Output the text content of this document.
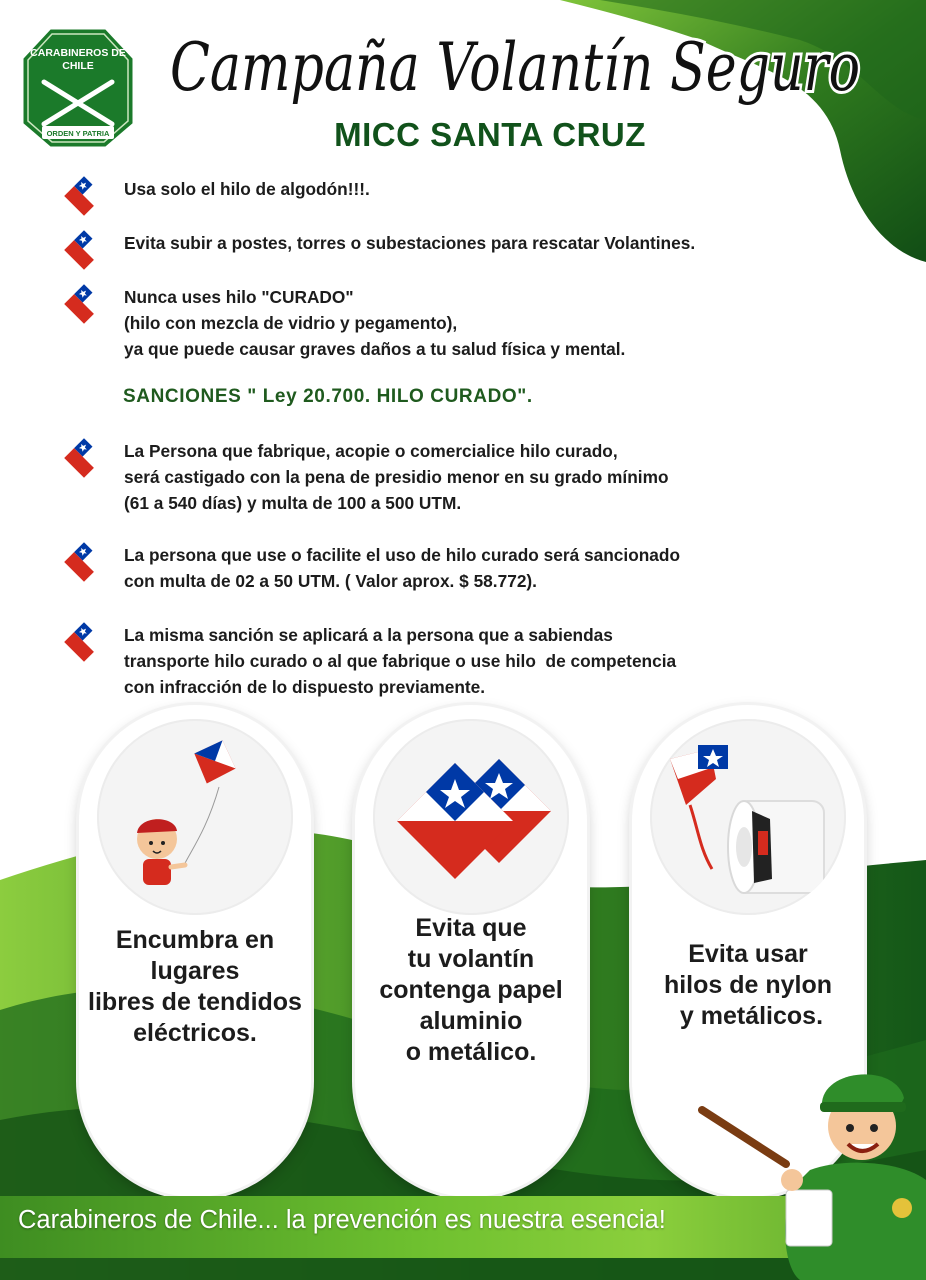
CARABINEROS DE
CHILE
ORDEN Y PATRIA
Campaña Volantín Seguro
MICC SANTA CRUZ
Usa solo el hilo de algodón!!!.
Evita subir a postes, torres o subestaciones para rescatar Volantines.
Nunca uses hilo "CURADO"
(hilo con mezcla de vidrio y pegamento),
ya que puede causar graves daños a tu salud física y mental.
SANCIONES " Ley 20.700. HILO CURADO".
La Persona que fabrique, acopie o comercialice hilo curado,
será castigado con la pena de presidio menor en su grado mínimo
(61 a 540 días) y multa de 100 a 500 UTM.
La persona que use o facilite el uso de hilo curado será sancionado
con multa de 02 a 50 UTM. ( Valor aprox. $ 58.772).
La misma sanción se aplicará a la persona que a sabiendas
transporte hilo curado o al que fabrique o use hilo  de competencia
con infracción de lo dispuesto previamente.
Encumbra en
lugares
libres de tendidos
eléctricos.
Evita que
tu volantín
contenga papel
aluminio
o metálico.
Evita usar
hilos de nylon
y metálicos.
Carabineros de Chile... la prevención es nuestra esencia!
